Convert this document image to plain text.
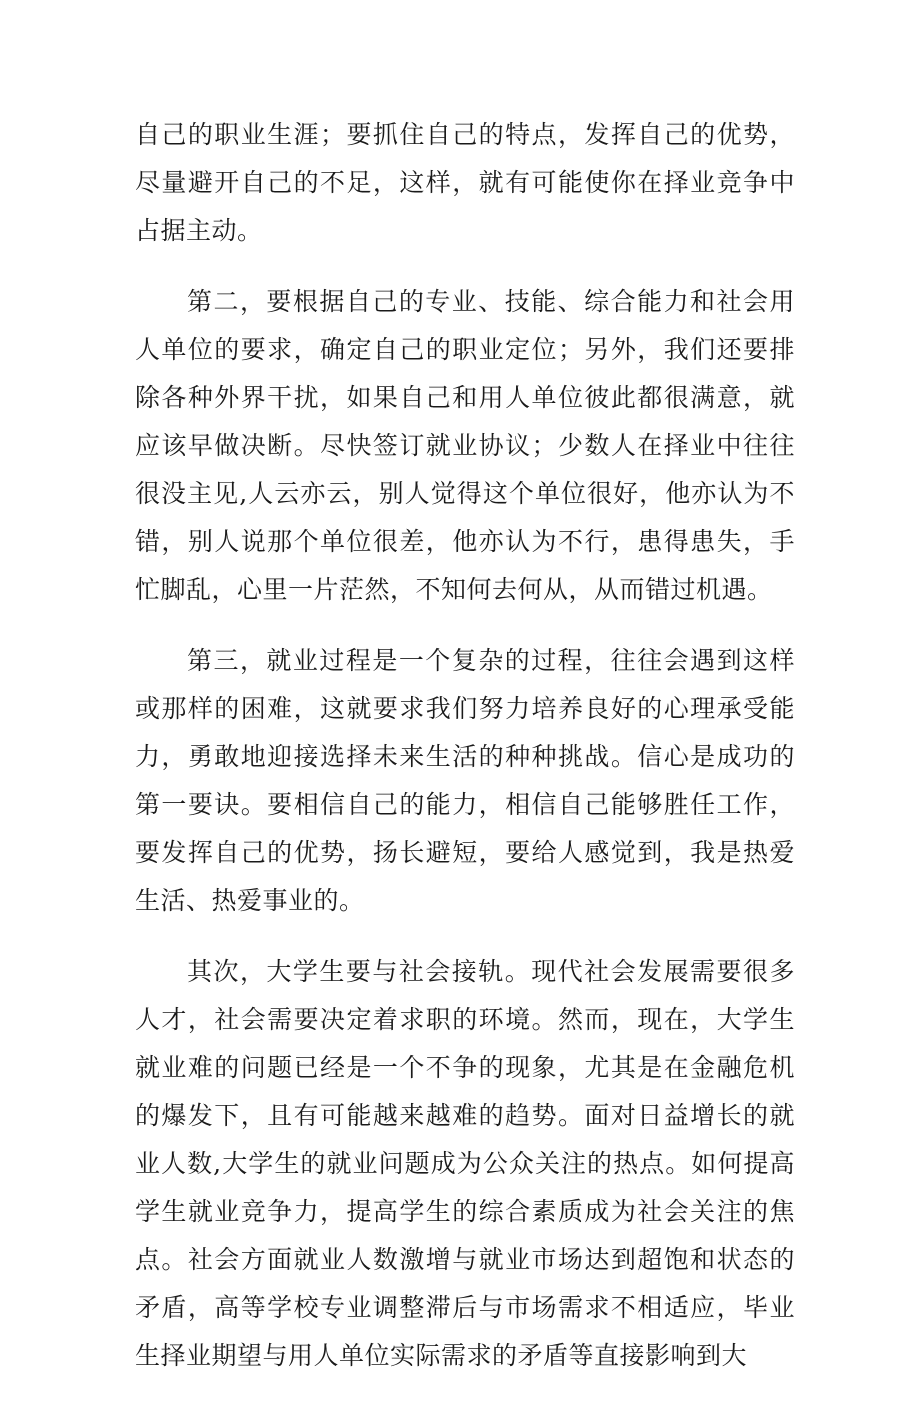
自己的职业生涯；要抓住自己的特点，发挥自己的优势，尽量避开自己的不足，这样，就有可能使你在择业竞争中占据主动。

第二，要根据自己的专业、技能、综合能力和社会用人单位的要求，确定自己的职业定位；另外，我们还要排除各种外界干扰，如果自己和用人单位彼此都很满意，就应该早做决断。尽快签订就业协议；少数人在择业中往往很没主见,人云亦云，别人觉得这个单位很好，他亦认为不错，别人说那个单位很差，他亦认为不行，患得患失，手忙脚乱，心里一片茫然，不知何去何从，从而错过机遇。

第三，就业过程是一个复杂的过程，往往会遇到这样或那样的困难，这就要求我们努力培养良好的心理承受能力，勇敢地迎接选择未来生活的种种挑战。信心是成功的第一要诀。要相信自己的能力，相信自己能够胜任工作，要发挥自己的优势，扬长避短，要给人感觉到，我是热爱生活、热爱事业的。

其次，大学生要与社会接轨。现代社会发展需要很多人才，社会需要决定着求职的环境。然而，现在，大学生就业难的问题已经是一个不争的现象，尤其是在金融危机的爆发下，且有可能越来越难的趋势。面对日益增长的就业人数,大学生的就业问题成为公众关注的热点。如何提高学生就业竞争力，提高学生的综合素质成为社会关注的焦点。社会方面就业人数激增与就业市场达到超饱和状态的矛盾，高等学校专业调整滞后与市场需求不相适应，毕业生择业期望与用人单位实际需求的矛盾等直接影响到大
